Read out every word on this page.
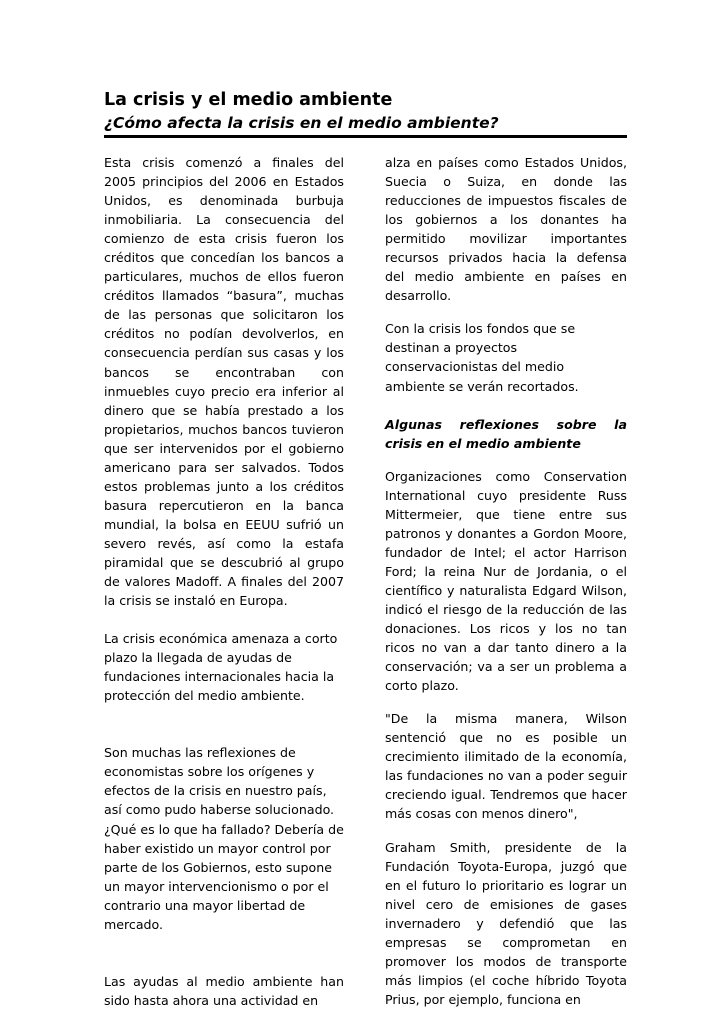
La crisis y el medio ambiente
¿Cómo afecta la crisis en el medio ambiente?

Esta crisis comenzó a finales del 2005 principios del 2006 en Estados Unidos, es denominada burbuja inmobiliaria. La consecuencia del comienzo de esta crisis fueron los créditos que concedían los bancos a particulares, muchos de ellos fueron créditos llamados “basura”, muchas de las personas que solicitaron los créditos no podían devolverlos, en consecuencia perdían sus casas y los bancos se encontraban con inmuebles cuyo precio era inferior al dinero que se había prestado a los propietarios, muchos bancos tuvieron que ser intervenidos por el gobierno americano para ser salvados. Todos estos problemas junto a los créditos basura repercutieron en la banca mundial, la bolsa en EEUU sufrió un severo revés, así como la estafa piramidal que se descubrió al grupo de valores Madoff. A finales del 2007 la crisis se instaló en Europa.

La crisis económica amenaza a corto plazo la llegada de ayudas de fundaciones internacionales hacia la protección del medio ambiente.

Son muchas las reflexiones de economistas sobre los orígenes y efectos de la crisis en nuestro país, así como pudo haberse solucionado.

¿Qué es lo que ha fallado? Debería de haber existido un mayor control por parte de los Gobiernos, esto supone un mayor intervencionismo o por el contrario una mayor libertad de mercado.

Las ayudas al medio ambiente han sido hasta ahora una actividad en

alza en países como Estados Unidos, Suecia o Suiza, en donde las reducciones de impuestos fiscales de los gobiernos a los donantes ha permitido movilizar importantes recursos privados hacia la defensa del medio ambiente en países en desarrollo.

Con la crisis los fondos que se destinan a proyectos conservacionistas del medio ambiente se verán recortados.

Algunas reflexiones sobre la crisis en el medio ambiente

Organizaciones como Conservation International cuyo presidente Russ Mittermeier, que tiene entre sus patronos y donantes a Gordon Moore, fundador de Intel; el actor Harrison Ford; la reina Nur de Jordania, o el científico y naturalista Edgard Wilson, indicó el riesgo de la reducción de las donaciones. Los ricos y los no tan ricos no van a dar tanto dinero a la conservación; va a ser un problema a corto plazo.

"De la misma manera, Wilson sentenció que no es posible un crecimiento ilimitado de la economía, las fundaciones no van a poder seguir creciendo igual. Tendremos que hacer más cosas con menos dinero",

Graham Smith, presidente de la Fundación Toyota-Europa, juzgó que en el futuro lo prioritario es lograr un nivel cero de emisiones de gases invernadero y defendió que las empresas se comprometan en promover los modos de transporte más limpios (el coche híbrido Toyota Prius, por ejemplo, funciona en
